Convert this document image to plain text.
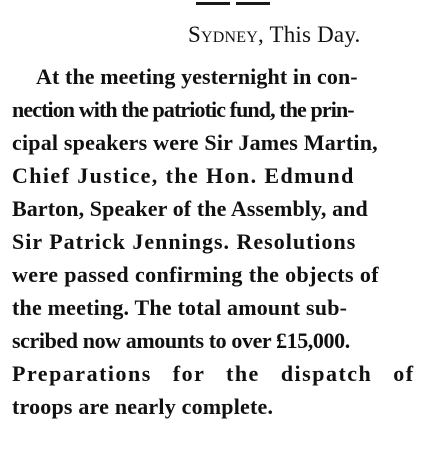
Sydney, This Day.
At the meeting yesternight in con-
nection with the patriotic fund, the prin-
cipal speakers were Sir James Martin,
Chief Justice, the Hon. Edmund
Barton, Speaker of the Assembly, and
Sir Patrick Jennings. Resolutions
were passed confirming the objects of
the meeting. The total amount sub-
scribed now amounts to over £15,000.
Preparations for the dispatch of
troops are nearly complete.
